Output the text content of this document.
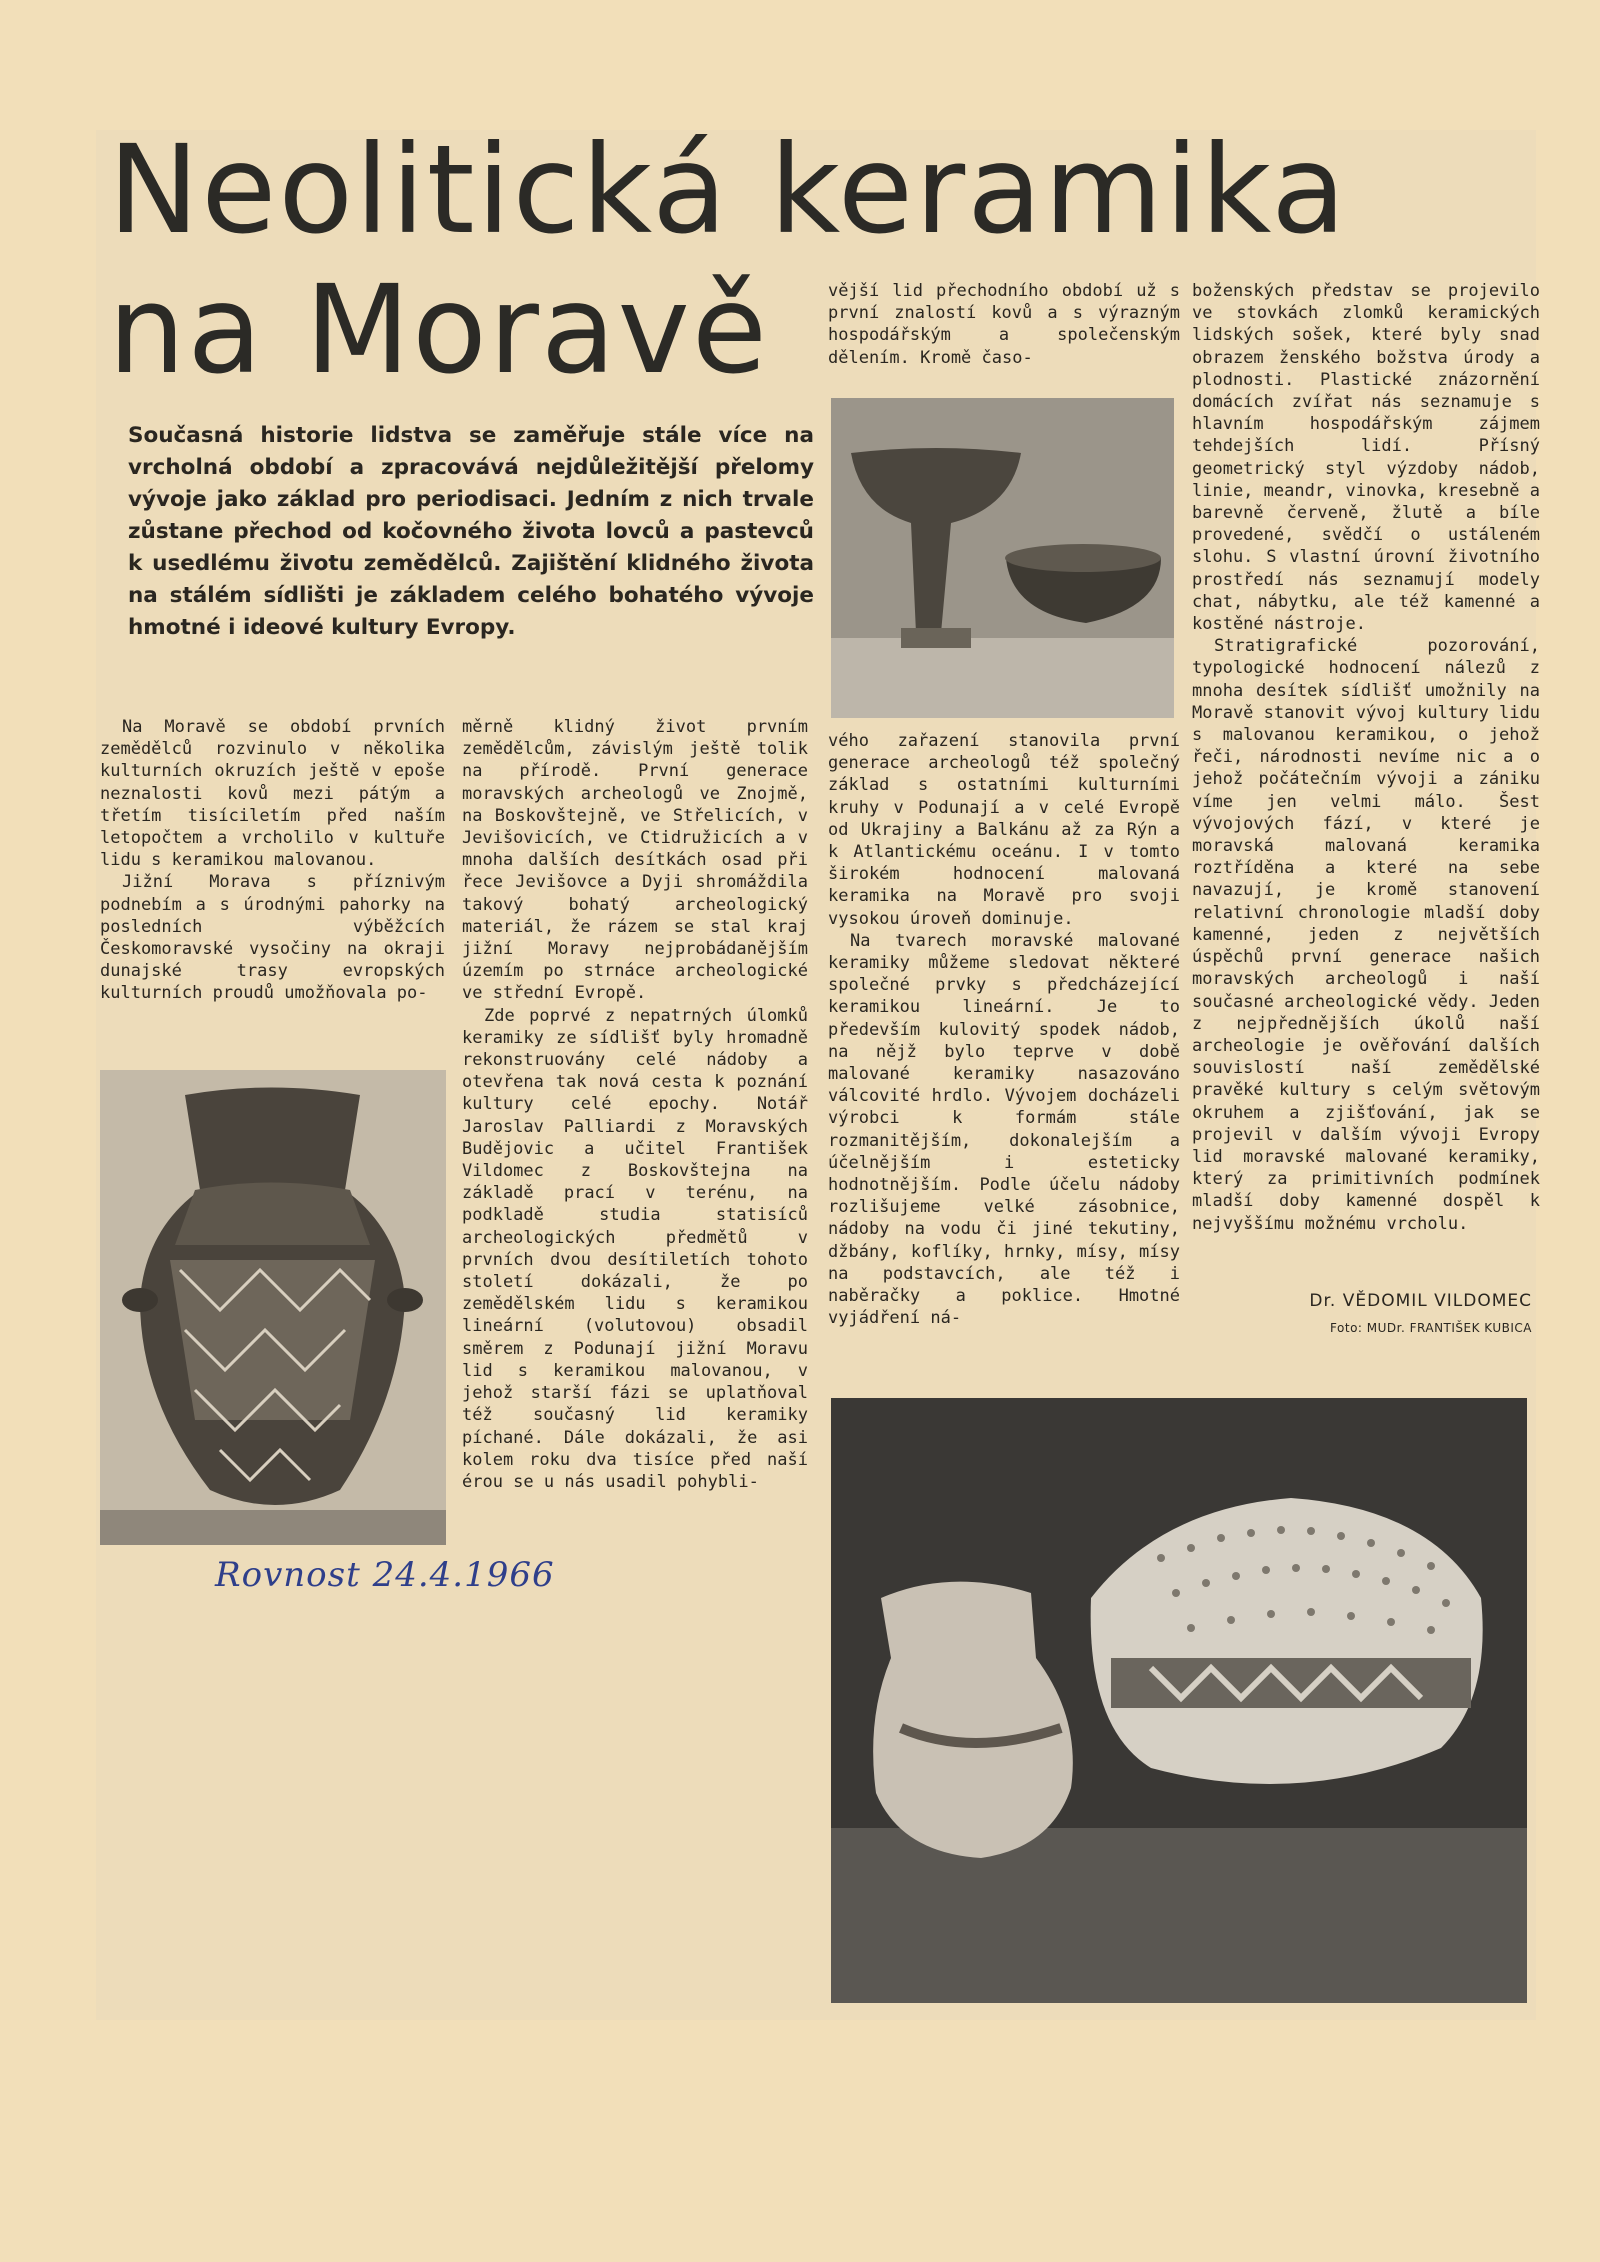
Neolitická keramika
na Moravě

Současná historie lidstva se zaměřuje stále více na vrcholná období a zpracovává nejdůležitější přelomy vývoje jako základ pro periodisaci. Jedním z nich trvale zůstane přechod od kočovného života lovců a pastevců k usedlému životu zemědělců. Zajištění klidného života na stálém sídlišti je základem celého bohatého vývoje hmotné i ideové kultury Evropy.

Na Moravě se období prvních zemědělců rozvinulo v několika kulturních okruzích ještě v epoše neznalosti kovů mezi pátým a třetím tisíciletím před naším letopočtem a vrcholilo v kultuře lidu s keramikou malovanou.

Jižní Morava s příznivým podnebím a s úrodnými pahorky na posledních výběžcích Českomoravské vysočiny na okraji dunajské trasy evropských kulturních proudů umožňovala po-

měrně klidný život prvním zemědělcům, závislým ještě tolik na přírodě. První generace moravských archeologů ve Znojmě, na Boskovštejně, ve Střelicích, v Jevišovicích, ve Ctidružicích a v mnoha dalších desítkách osad při řece Jevišovce a Dyji shromáždila takový bohatý archeologický materiál, že rázem se stal kraj jižní Moravy nejprobádanějším územím po strnáce archeologické ve střední Evropě.

Zde poprvé z nepatrných úlomků keramiky ze sídlišť byly hromadně rekonstruovány celé nádoby a otevřena tak nová cesta k poznání kultury celé epochy. Notář Jaroslav Palliardi z Moravských Budějovic a učitel František Vildomec z Boskovštejna na základě prací v terénu, na podkladě studia statisíců archeologických předmětů v prvních dvou desítiletích tohoto století dokázali, že po zemědělském lidu s keramikou lineární (volutovou) obsadil směrem z Podunají jižní Moravu lid s keramikou malovanou, v jehož starší fázi se uplatňoval též současný lid keramiky píchané. Dále dokázali, že asi kolem roku dva tisíce před naší érou se u nás usadil pohybli-

vější lid přechodního období už s první znalostí kovů a s výrazným hospodářským a společenským dělením. Kromě časo-

vého zařazení stanovila první generace archeologů též společný základ s ostatními kulturními kruhy v Podunají a v celé Evropě od Ukrajiny a Balkánu až za Rýn a k Atlantickému oceánu. I v tomto širokém hodnocení malovaná keramika na Moravě pro svoji vysokou úroveň dominuje.

Na tvarech moravské malované keramiky můžeme sledovat některé společné prvky s předcházející keramikou lineární. Je to především kulovitý spodek nádob, na nějž bylo teprve v době malované keramiky nasazováno válcovité hrdlo. Vývojem docházeli výrobci k formám stále rozmanitějším, dokonalejším a účelnějším i esteticky hodnotnějším. Podle účelu nádoby rozlišujeme velké zásobnice, nádoby na vodu či jiné tekutiny, džbány, koflíky, hrnky, mísy, mísy na podstavcích, ale též i naběračky a poklice. Hmotné vyjádření ná-

boženských představ se projevilo ve stovkách zlomků keramických lidských sošek, které byly snad obrazem ženského božstva úrody a plodnosti. Plastické znázornění domácích zvířat nás seznamuje s hlavním hospodářským zájmem tehdejších lidí. Přísný geometrický styl výzdoby nádob, linie, meandr, vinovka, kresebně a barevně červeně, žlutě a bíle provedené, svědčí o ustáleném slohu. S vlastní úrovní životního prostředí nás seznamují modely chat, nábytku, ale též kamenné a kostěné nástroje.

Stratigrafické pozorování, typologické hodnocení nálezů z mnoha desítek sídlišť umožnily na Moravě stanovit vývoj kultury lidu s malovanou keramikou, o jehož řeči, národnosti nevíme nic a o jehož počátečním vývoji a zániku víme jen velmi málo. Šest vývojových fází, v které je moravská malovaná keramika roztříděna a které na sebe navazují, je kromě stanovení relativní chronologie mladší doby kamenné, jeden z největších úspěchů první generace našich moravských archeologů i naší současné archeologické vědy. Jeden z nejpřednějších úkolů naší archeologie je ověřování dalších souvislostí naší zemědělské pravěké kultury s celým světovým okruhem a zjišťování, jak se projevil v dalším vývoji Evropy lid moravské malované keramiky, který za primitivních podmínek mladší doby kamenné dospěl k nejvyššímu možnému vrcholu.

Dr. VĚDOMIL VILDOMEC
Foto: MUDr. FRANTIŠEK KUBICA
Rovnost 24.4.1966
